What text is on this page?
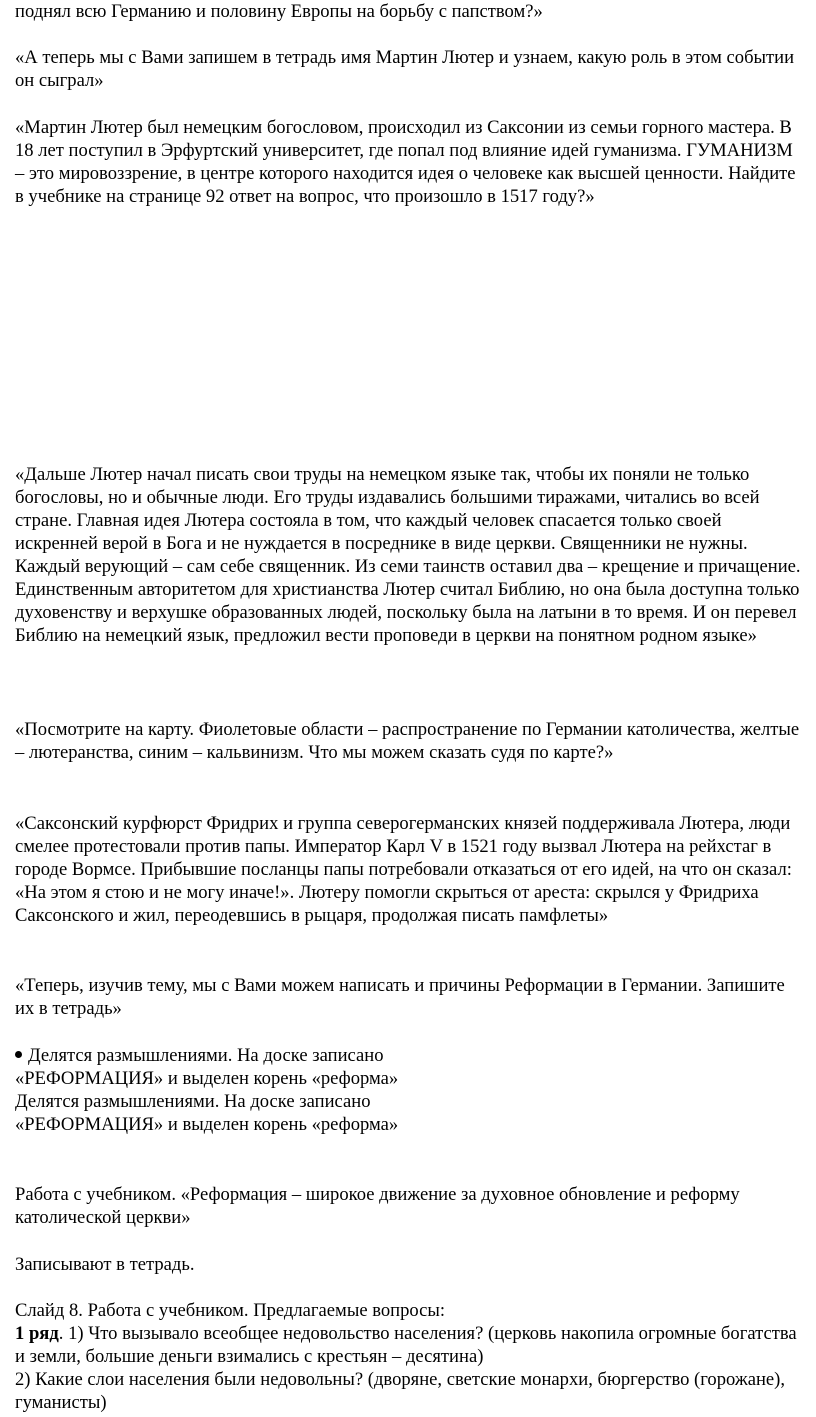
поднял всю Германию и половину Европы на борьбу с папством?»

«А теперь мы с Вами запишем в тетрадь имя Мартин Лютер и узнаем, какую роль в этом событии он сыграл»

«Мартин Лютер был немецким богословом, происходил из Саксонии из семьи горного мастера. В 18 лет поступил в Эрфуртский университет, где попал под влияние идей гуманизма. ГУМАНИЗМ – это мировоззрение, в центре которого находится идея о человеке как высшей ценности. Найдите в учебнике на странице 92 ответ на вопрос, что произошло в 1517 году?»

«Дальше Лютер начал писать свои труды на немецком языке так, чтобы их поняли не только богословы, но и обычные люди. Его труды издавались большими тиражами, читались во всей стране. Главная идея Лютера состояла в том, что каждый человек спасается только своей искренней верой в Бога и не нуждается в посреднике в виде церкви. Священники не нужны. Каждый верующий – сам себе священник. Из семи таинств оставил два – крещение и причащение. Единственным авторитетом для христианства Лютер считал Библию, но она была доступна только духовенству и верхушке образованных людей, поскольку была на латыни в то время. И он перевел Библию на немецкий язык, предложил вести проповеди в церкви на понятном родном языке»

«Посмотрите на карту. Фиолетовые области – распространение по Германии католичества, желтые – лютеранства, синим – кальвинизм. Что мы можем сказать судя по карте?»

«Саксонский курфюрст Фридрих и группа северогерманских князей поддерживала Лютера, люди смелее протестовали против папы. Император Карл V в 1521 году вызвал Лютера на рейхстаг в городе Вормсе. Прибывшие посланцы папы потребовали отказаться от его идей, на что он сказал: «На этом я стою и не могу иначе!». Лютеру помогли скрыться от ареста: скрылся у Фридриха Саксонского и жил, переодевшись в рыцаря, продолжая писать памфлеты»

«Теперь, изучив тему, мы с Вами можем написать и причины Реформации в Германии. Запишите их в тетрадь»

Делятся размышлениями. На доске записано
«РЕФОРМАЦИЯ» и выделен корень «реформа»
Делятся размышлениями. На доске записано
«РЕФОРМАЦИЯ» и выделен корень «реформа»

Работа с учебником. «Реформация – широкое движение за духовное обновление и реформу католической церкви»

Записывают в тетрадь.

Слайд 8. Работа с учебником. Предлагаемые вопросы:

1 ряд. 1) Что вызывало всеобщее недовольство населения? (церковь накопила огромные богатства и земли, большие деньги взимались с крестьян – десятина)

2) Какие слои населения были недовольны? (дворяне, светские монархи, бюргерство (горожане), гуманисты)
